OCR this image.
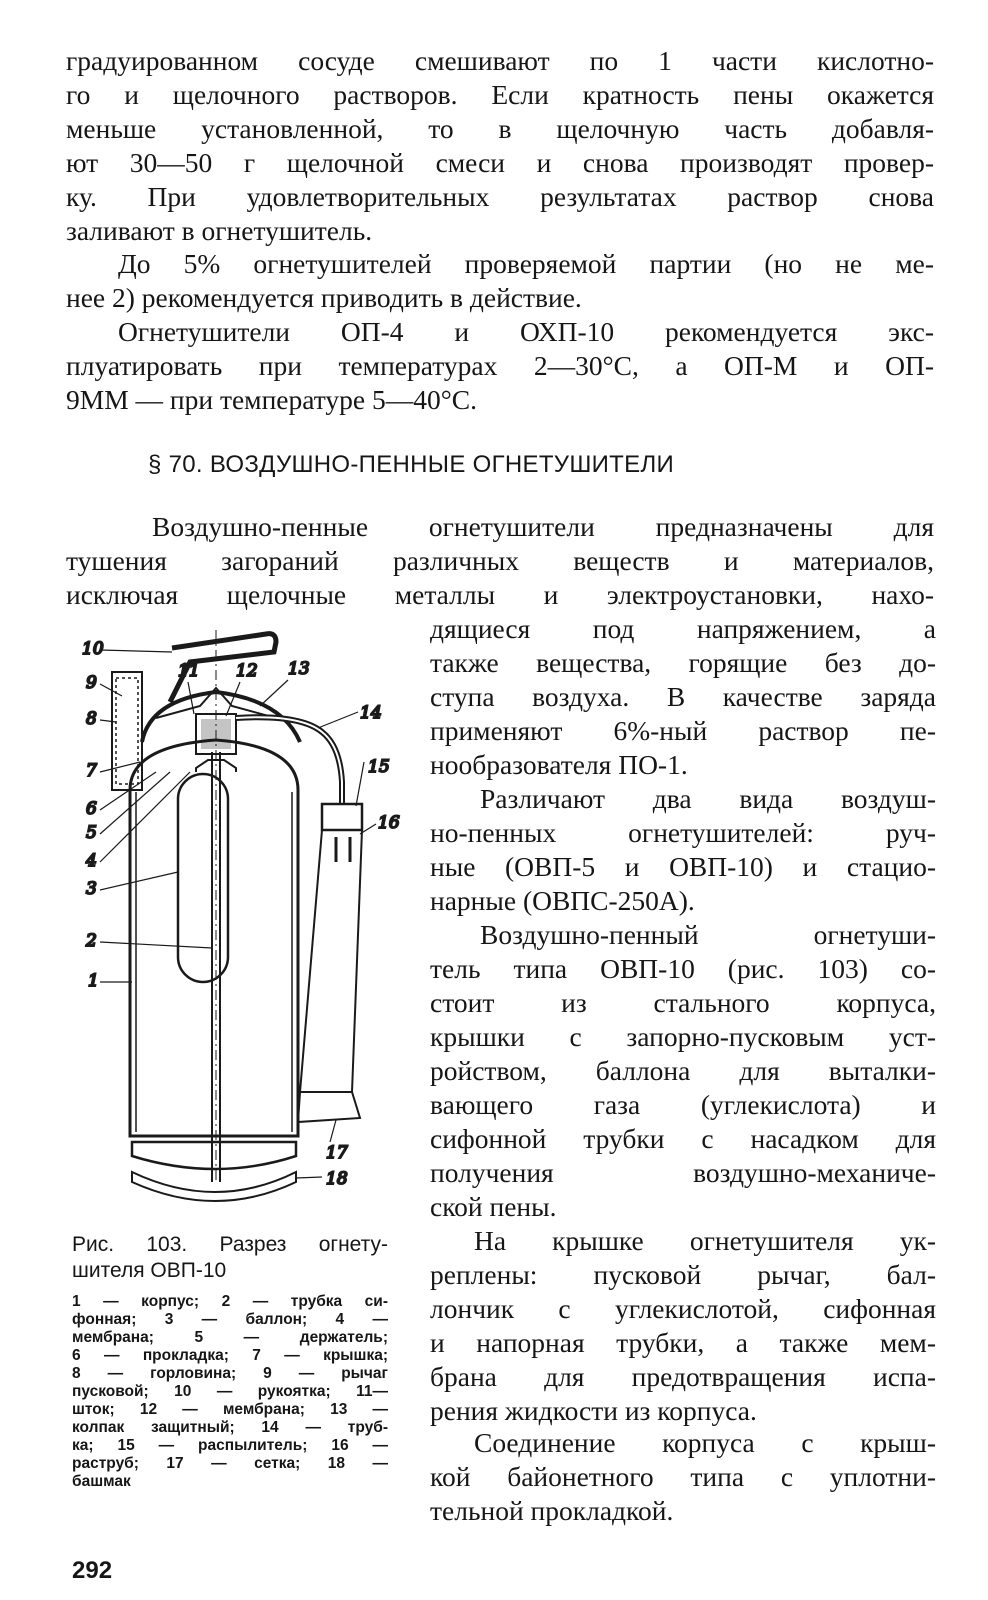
градуированном сосуде смешивают по 1 части кислотно-
го и щелочного растворов. Если кратность пены окажется
меньше установленной, то в щелочную часть добавля-
ют 30—50 г щелочной смеси и снова производят провер-
ку. При удовлетворительных результатах раствор снова
заливают в огнетушитель.

До 5% огнетушителей проверяемой партии (но не ме-
нее 2) рекомендуется приводить в действие.

Огнетушители ОП-4 и ОХП-10 рекомендуется экс-
плуатировать при температурах 2—30°С, а ОП-М и ОП-
9ММ — при температуре 5—40°С.

§ 70. ВОЗДУШНО-ПЕННЫЕ ОГНЕТУШИТЕЛИ

Воздушно-пенные огнетушители предназначены для
тушения загораний различных веществ и материалов,
исключая щелочные металлы и электроустановки, нахо-

дящиеся под напряжением, а
также вещества, горящие без до-
ступа воздуха. В качестве заряда
применяют 6%-ный раствор пе-
нообразователя ПО-1.

Различают два вида воздуш-
но-пенных огнетушителей: руч-
ные (ОВП-5 и ОВП-10) и стацио-
нарные (ОВПС-250А).

Воздушно-пенный огнетуши-
тель типа ОВП-10 (рис. 103) со-
стоит из стального корпуса,
крышки с запорно-пусковым уст-
ройством, баллона для выталки-
вающего газа (углекислота) и
сифонной трубки с насадком для
получения воздушно-механиче-
ской пены.

На крышке огнетушителя ук-
реплены: пусковой рычаг, бал-
лончик с углекислотой, сифонная
и напорная трубки, а также мем-
брана для предотвращения испа-
рения жидкости из корпуса.

Соединение корпуса с крыш-
кой байонетного типа с уплотни-
тельной прокладкой.

10
9
8
7
6
5
4
3
2
1
11 12 13
14
15
16
17
18

Рис. 103. Разрез огнету-
шителя ОВП-10

1 — корпус; 2 — трубка си-
фонная; 3 — баллон; 4 —
мембрана; 5 — держатель;
6 — прокладка; 7 — крышка;
8 — горловина; 9 — рычаг
пусковой; 10 — рукоятка; 11—
шток; 12 — мембрана; 13 —
колпак защитный; 14 — труб-
ка; 15 — распылитель; 16 —
раструб; 17 — сетка; 18 —
башмак

292
